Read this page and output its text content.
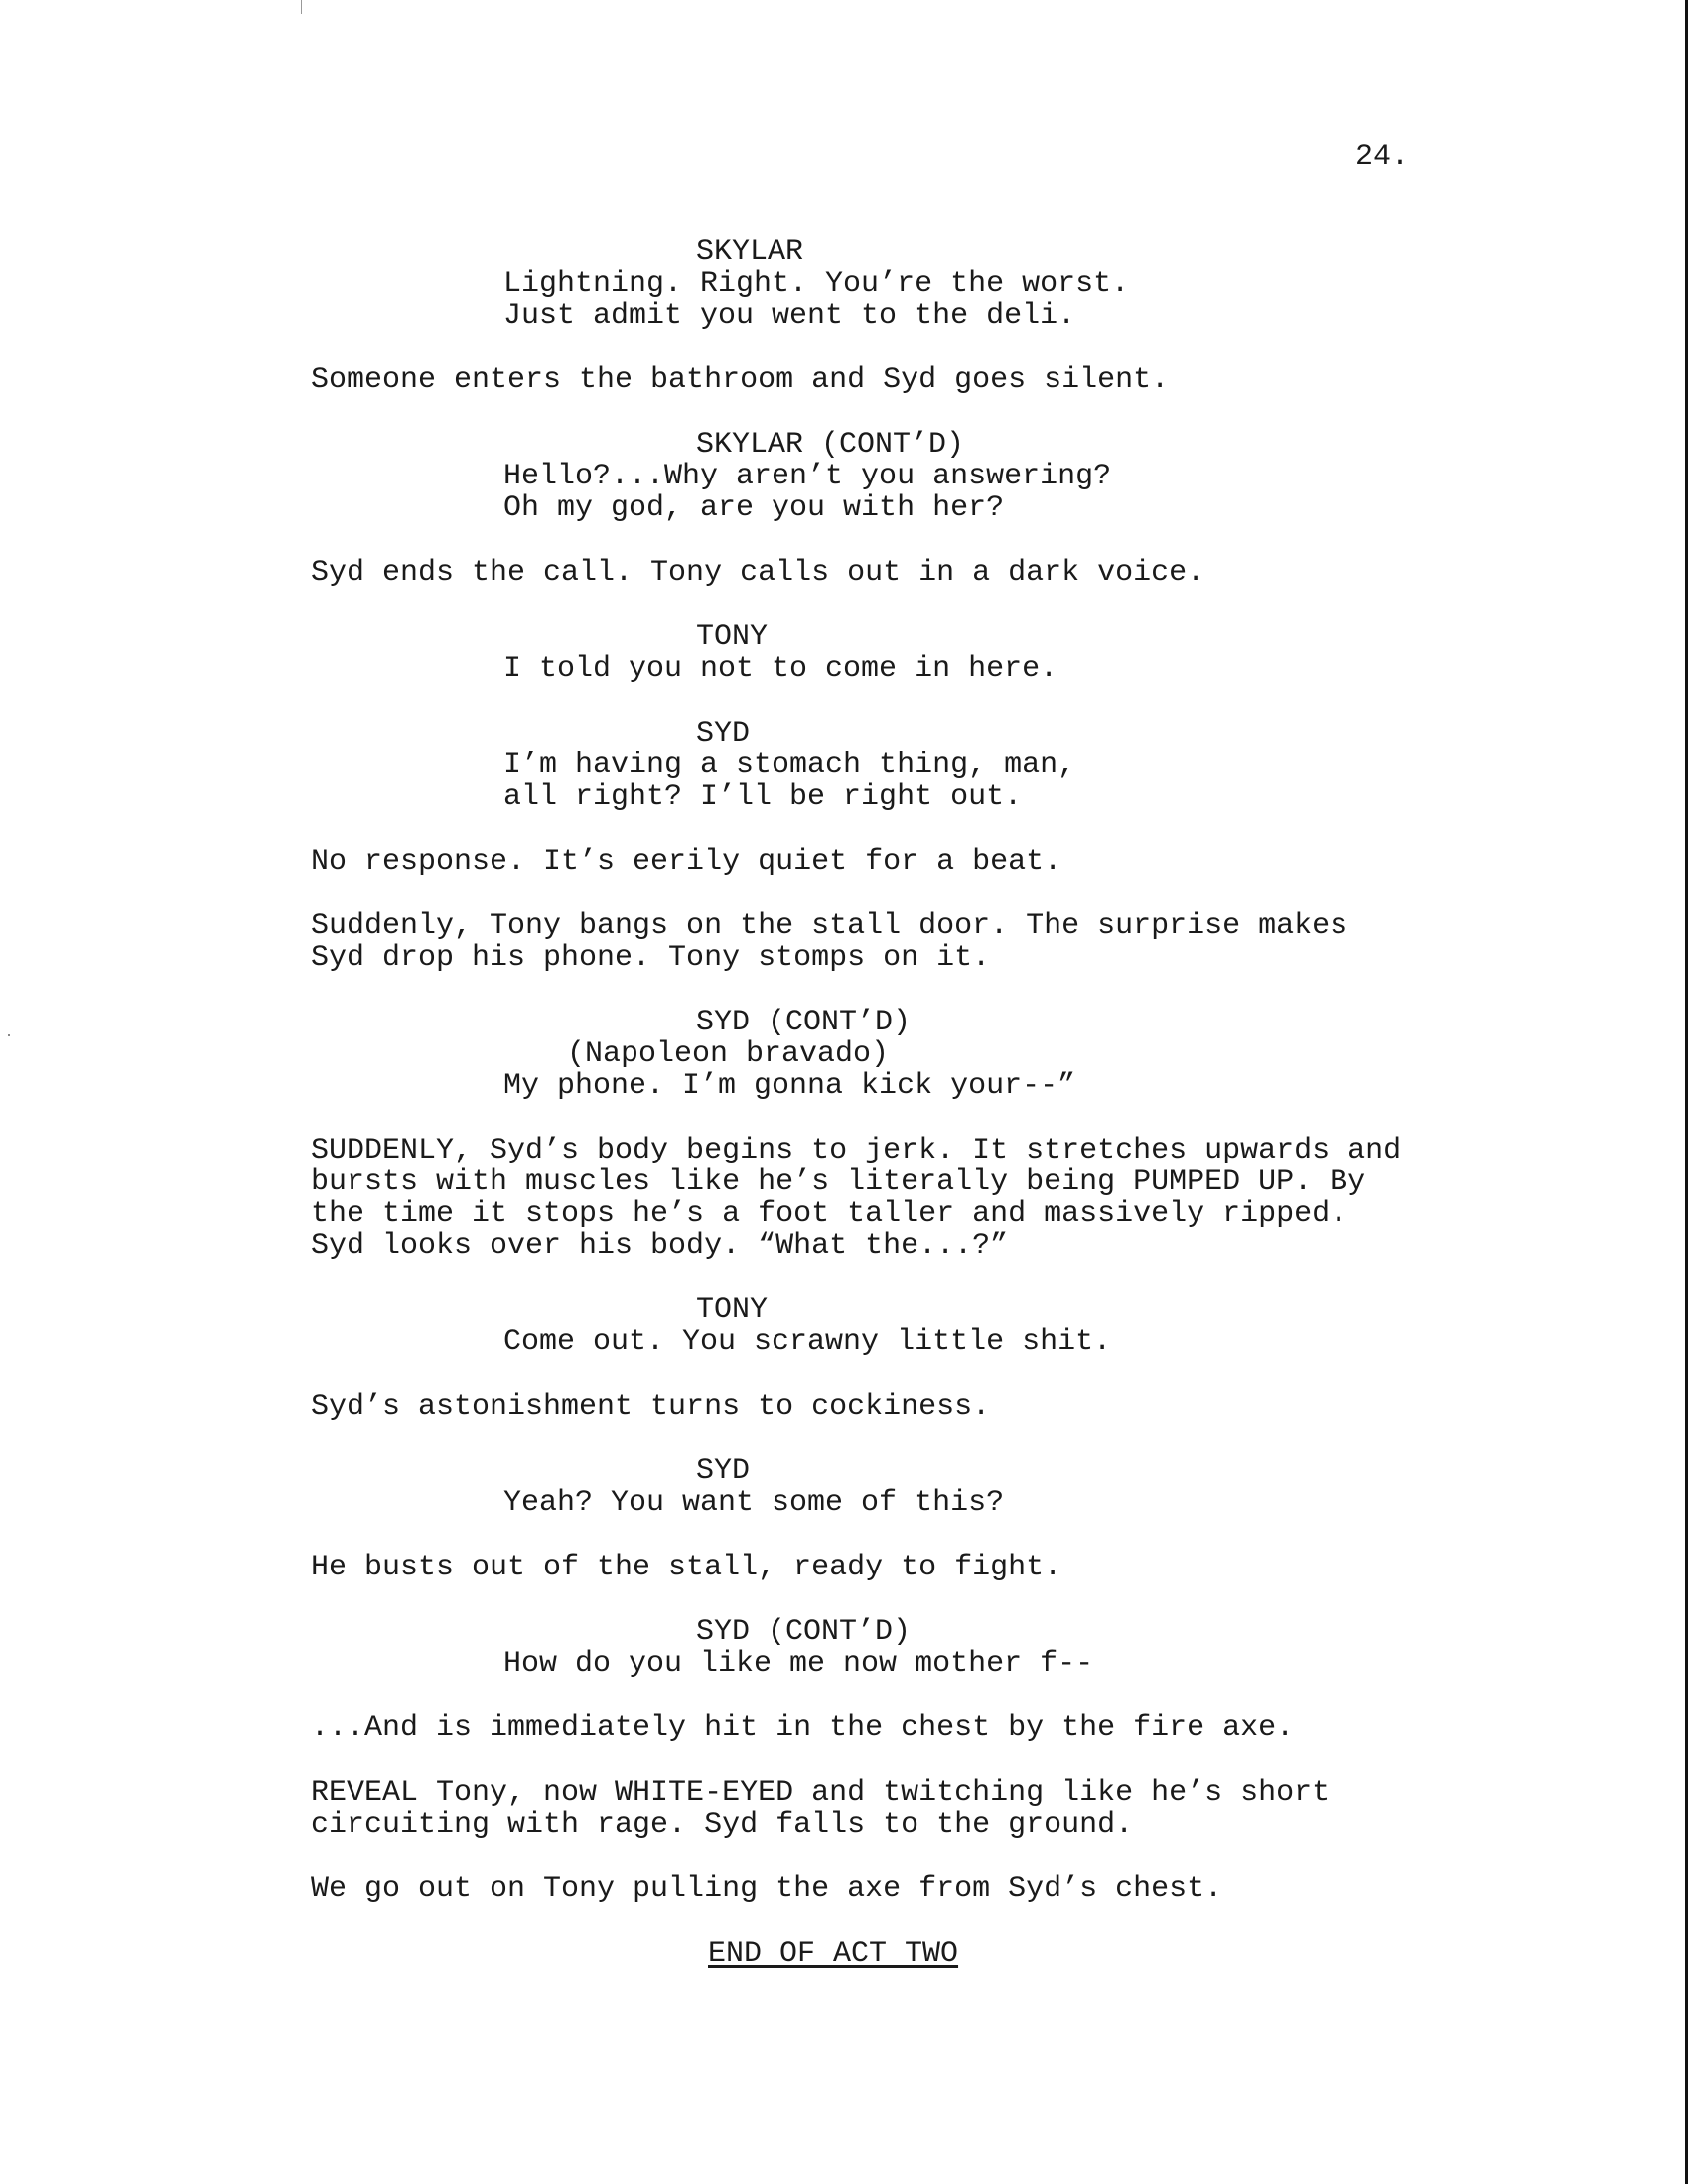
24.
SKYLAR
Lightning. Right. You’re the worst.
Just admit you went to the deli.
Someone enters the bathroom and Syd goes silent.
SKYLAR (CONT’D)
Hello?...Why aren’t you answering?
Oh my god, are you with her?
Syd ends the call. Tony calls out in a dark voice.
TONY
I told you not to come in here.
SYD
I’m having a stomach thing, man,
all right? I’ll be right out.
No response. It’s eerily quiet for a beat.
Suddenly, Tony bangs on the stall door. The surprise makes
Syd drop his phone. Tony stomps on it.
SYD (CONT’D)
(Napoleon bravado)
My phone. I’m gonna kick your--”
SUDDENLY, Syd’s body begins to jerk. It stretches upwards and
bursts with muscles like he’s literally being PUMPED UP. By
the time it stops he’s a foot taller and massively ripped.
Syd looks over his body. “What the...?”
TONY
Come out. You scrawny little shit.
Syd’s astonishment turns to cockiness.
SYD
Yeah? You want some of this?
He busts out of the stall, ready to fight.
SYD (CONT’D)
How do you like me now mother f--
...And is immediately hit in the chest by the fire axe.
REVEAL Tony, now WHITE-EYED and twitching like he’s short
circuiting with rage. Syd falls to the ground.
We go out on Tony pulling the axe from Syd’s chest.
END OF ACT TWO
